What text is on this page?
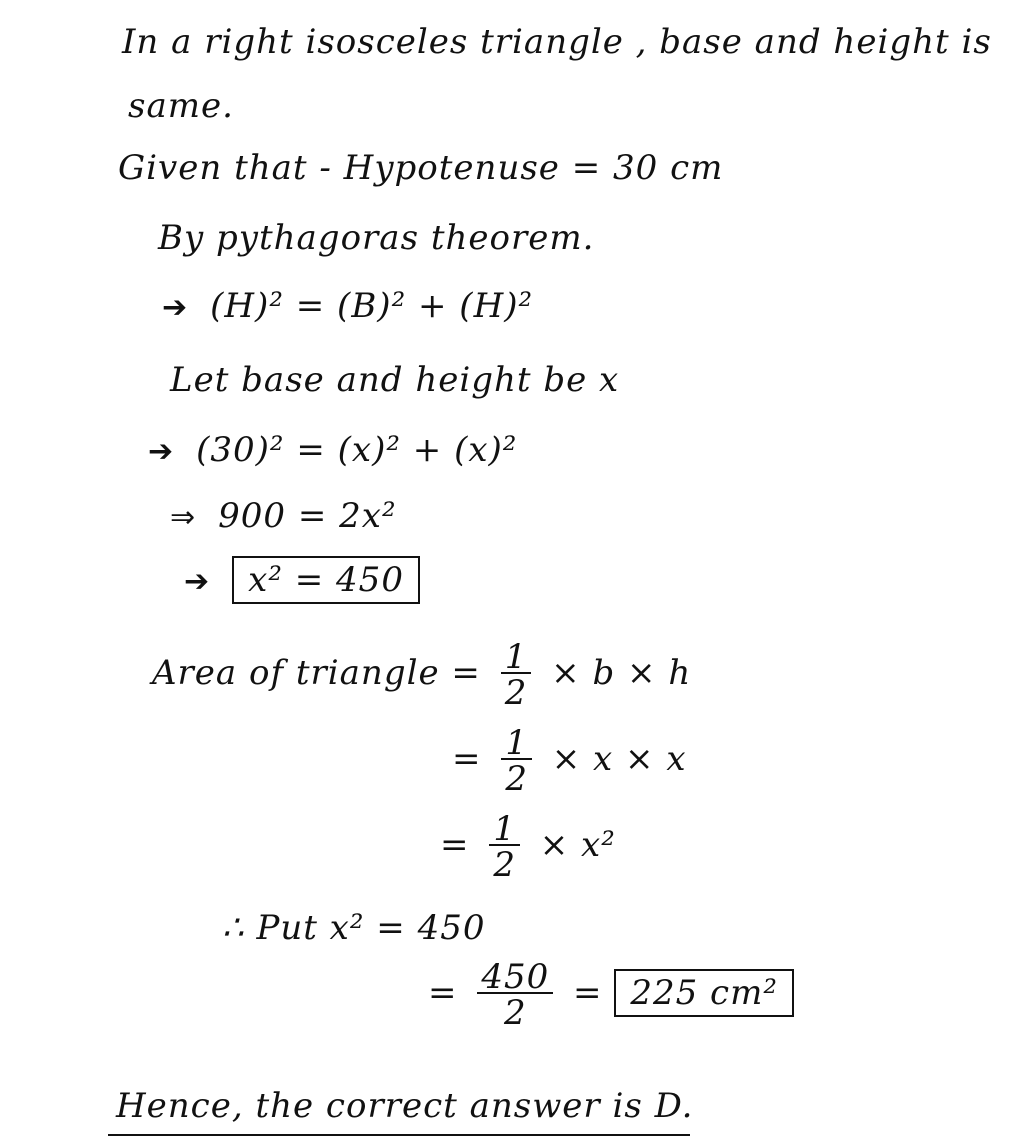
In a right isosceles triangle , base and height is
same.
Given that - Hypotenuse = 30 cm
By pythagoras theorem.
➔ (H)² = (B)² + (H)²
Let base and height be x
➔ (30)² = (x)² + (x)²
⇒ 900 = 2x²
➔ x² = 450
Area of triangle = $\frac{1}{2} \times b \times h$
= $\frac{1}{2} \times x \times x$
= $\frac{1}{2} \times x^2$
∴ Put x² = 450
= $\frac{450}{2} = 225$ cm²
Hence, the correct answer is D.
